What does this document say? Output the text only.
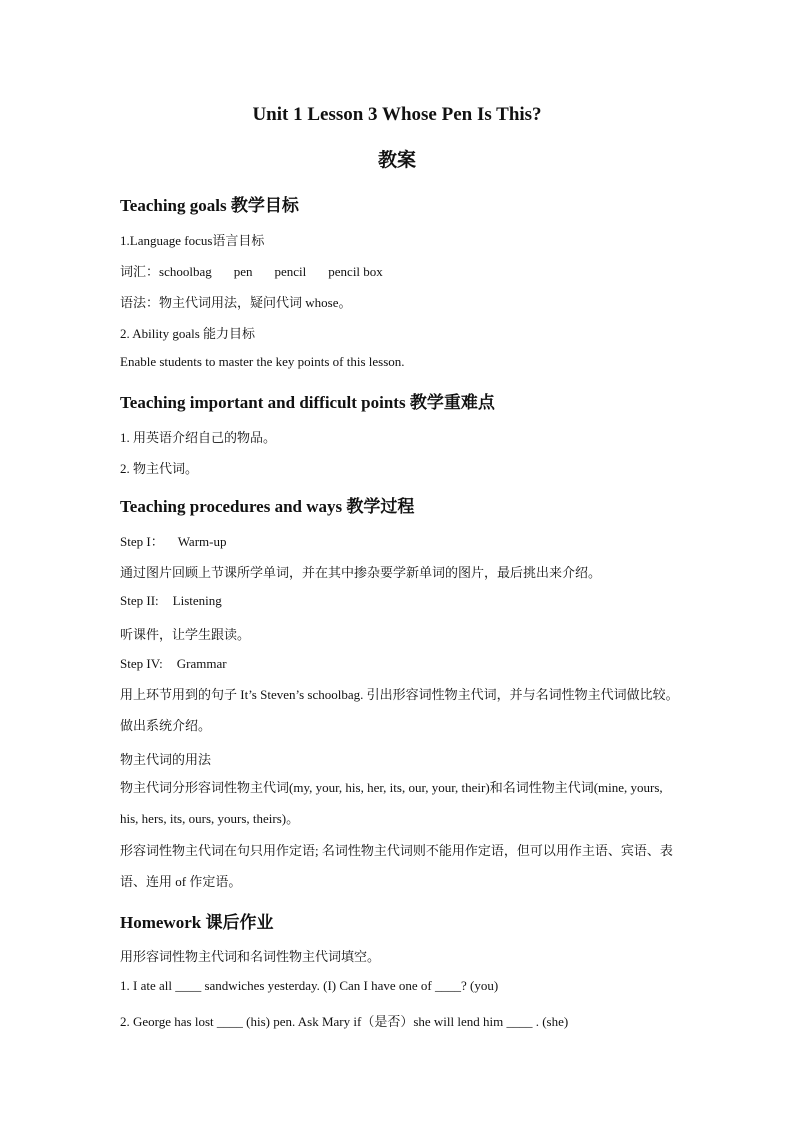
Unit 1 Lesson 3 Whose Pen Is This?
教案
Teaching goals 教学目标
1.Language focus语言目标
词汇：schoolbag pen pencil pencil box
语法：物主代词用法，疑问代词 whose。
2. Ability goals 能力目标
Enable students to master the key points of this lesson.
Teaching important and difficult points 教学重难点
1. 用英语介绍自己的物品。
2. 物主代词。
Teaching procedures and ways 教学过程
Step I： Warm-up
通过图片回顾上节课所学单词，并在其中掺杂要学新单词的图片，最后挑出来介绍。
Step II: Listening
听课件，让学生跟读。
Step IV: Grammar
用上环节用到的句子 It’s Steven’s schoolbag. 引出形容词性物主代词，并与名词性物主代词做比较。做出系统介绍。
物主代词的用法
物主代词分形容词性物主代词(my, your, his, her, its, our, your, their)和名词性物主代词(mine, yours, his, hers, its, ours, yours, theirs)。
形容词性物主代词在句只用作定语; 名词性物主代词则不能用作定语，但可以用作主语、宾语、表语、连用 of 作定语。
Homework 课后作业
用形容词性物主代词和名词性物主代词填空。
1. I ate all ____ sandwiches yesterday. (I) Can I have one of ____? (you)
2. George has lost ____ (his) pen. Ask Mary if（是否）she will lend him ____ . (she)
